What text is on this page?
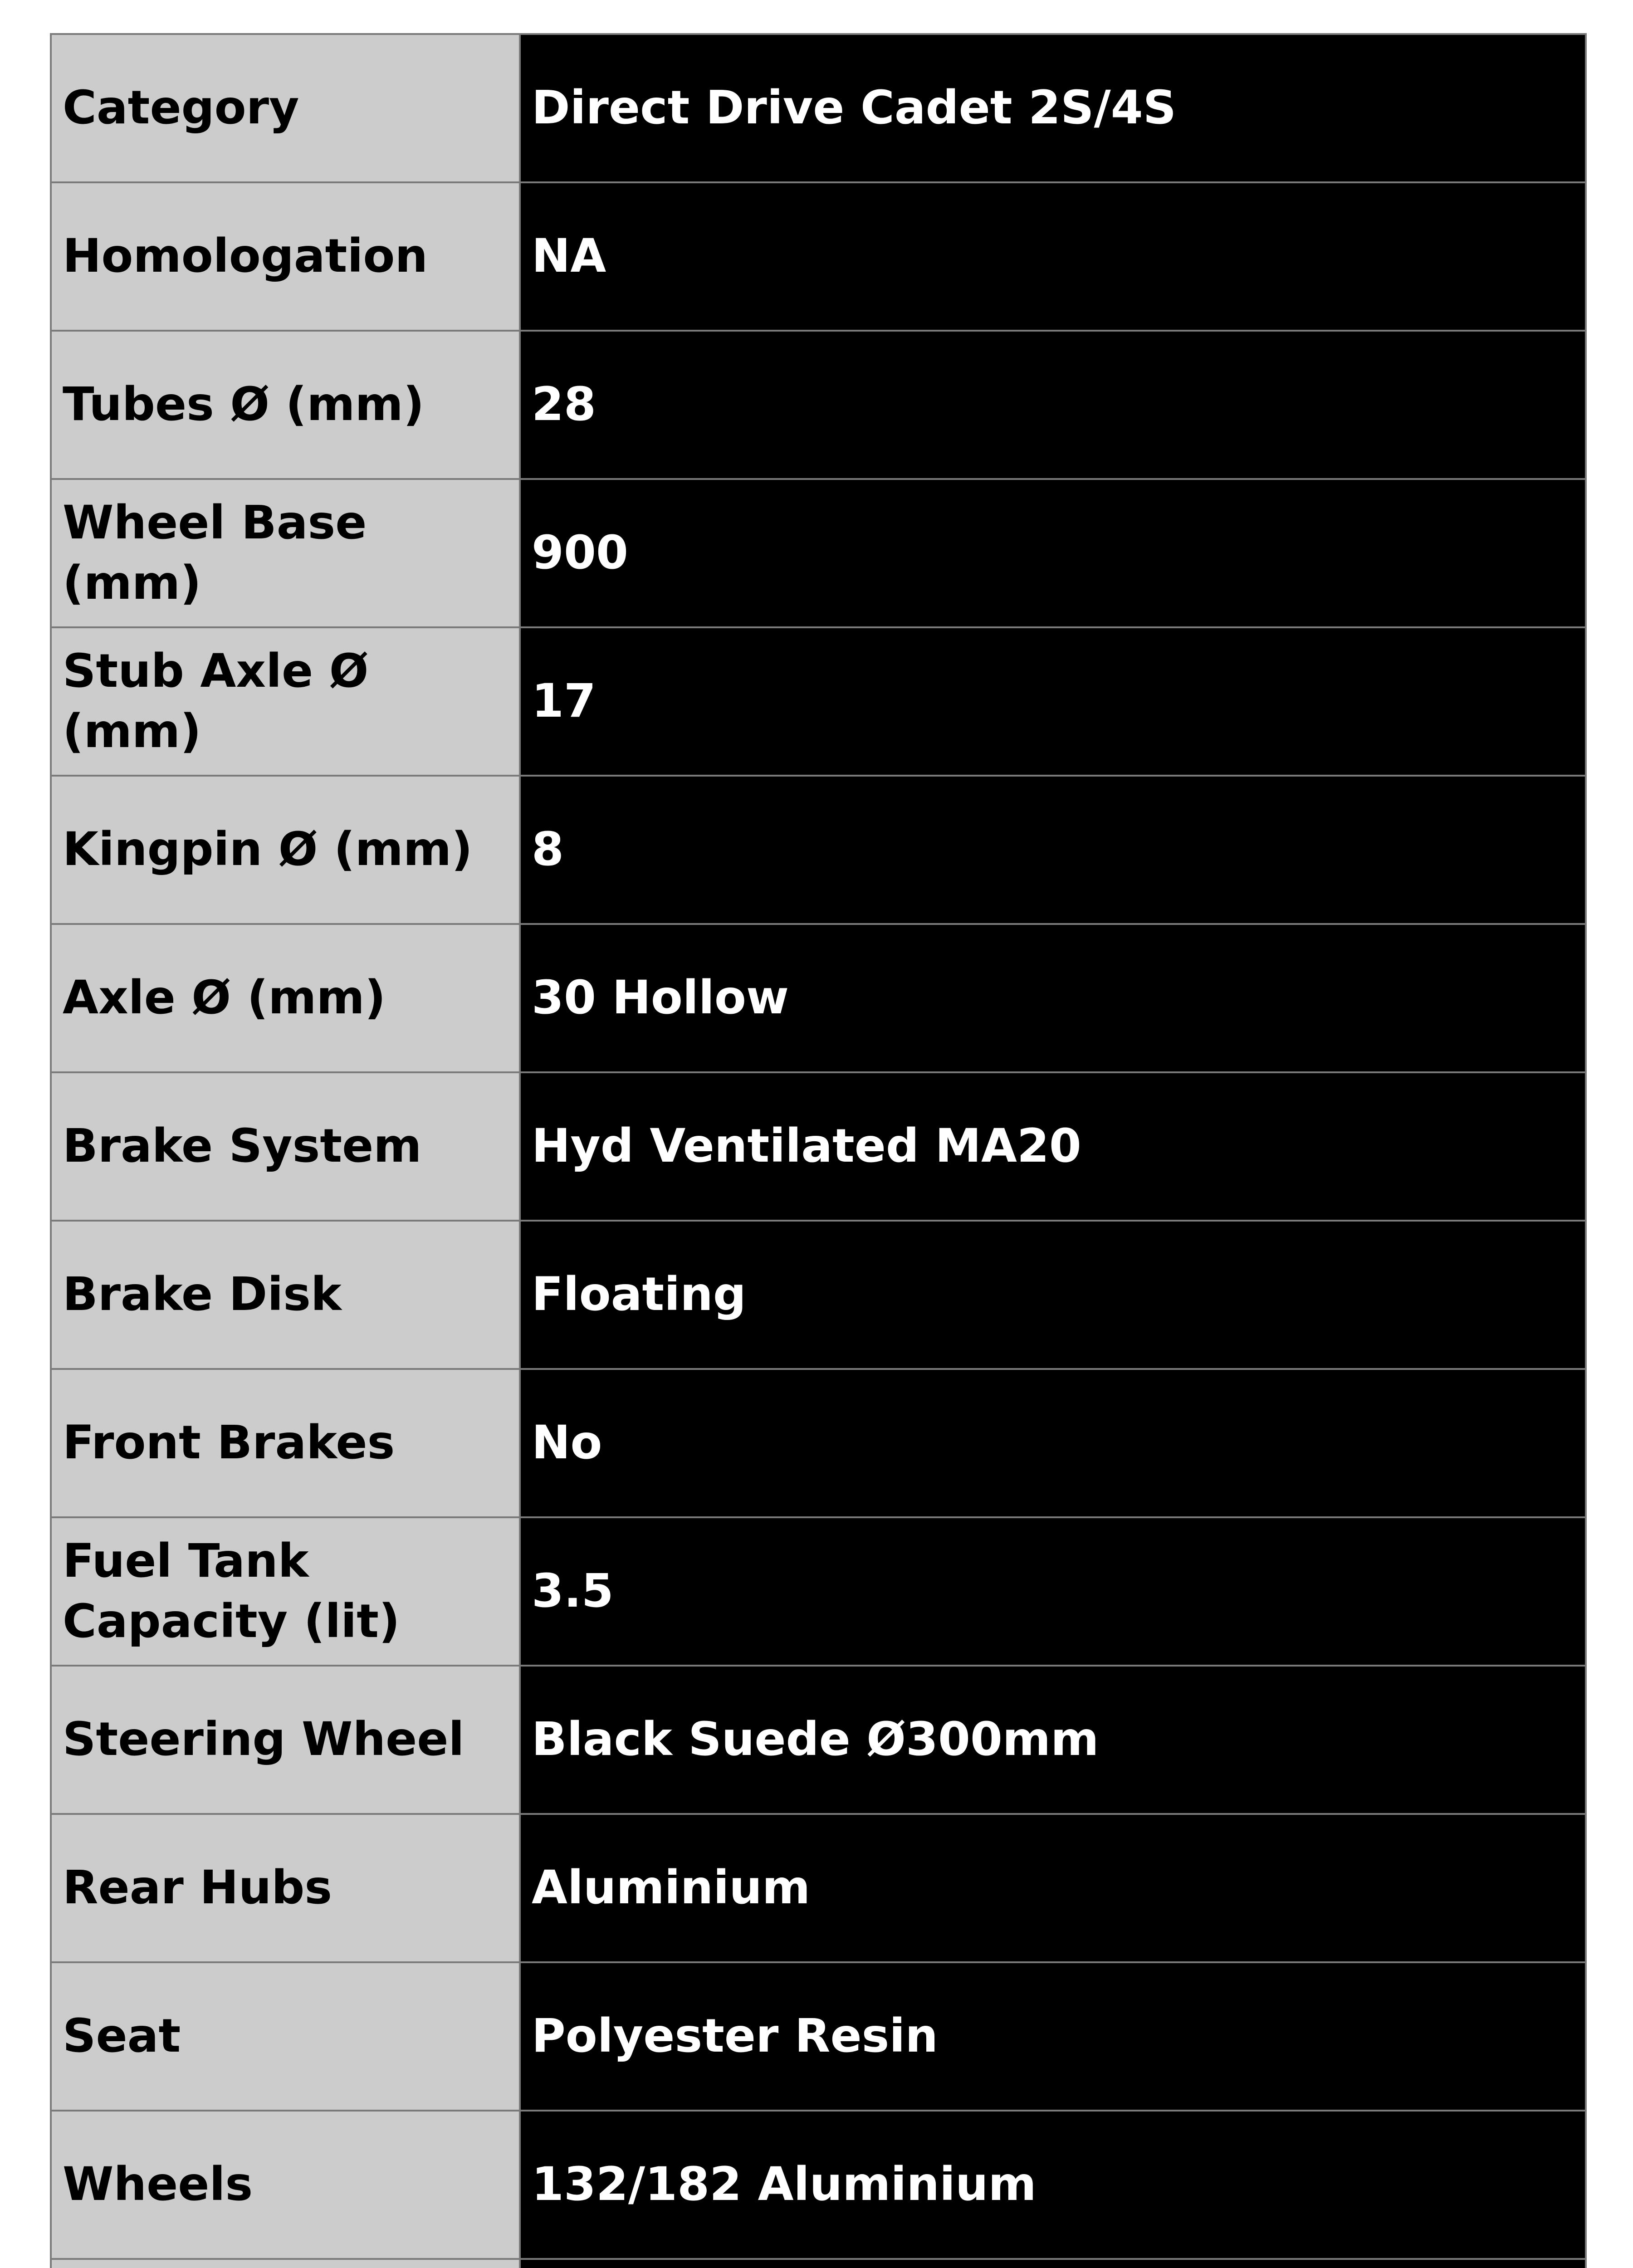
Category	Direct Drive Cadet 2S/4S
Homologation	NA
Tubes Ø (mm)	28
Wheel Base (mm)	900
Stub Axle Ø (mm)	17
Kingpin Ø (mm)	8
Axle Ø (mm)	30 Hollow
Brake System	Hyd Ventilated MA20
Brake Disk	Floating
Front Brakes	No
Fuel Tank Capacity (lit)	3.5
Steering Wheel	Black Suede Ø300mm
Rear Hubs	Aluminium
Seat	Polyester Resin
Wheels	132/182 Aluminium
